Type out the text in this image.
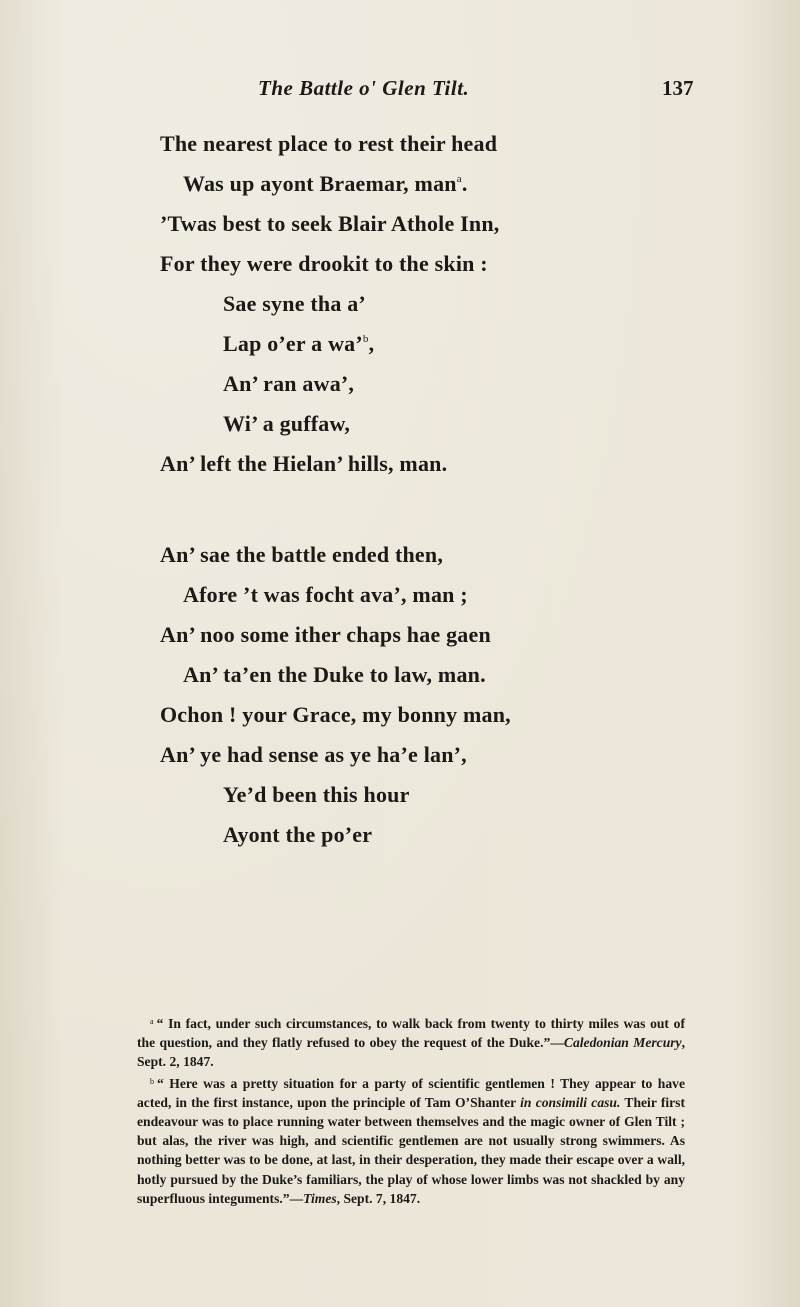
The Battle o' Glen Tilt.	137
The nearest place to rest their head
Was up ayont Braemar, man$^a$.
’Twas best to seek Blair Athole Inn,
For they were drookit to the skin :
Sae syne tha a’
Lap o’er a wa’$^b$,
An’ ran awa’,
Wi’ a guffaw,
An’ left the Hielan’ hills, man.
An’ sae the battle ended then,
Afore ’t was focht ava’, man ;
An’ noo some ither chaps hae gaen
An’ ta’en the Duke to law, man.
Ochon ! your Grace, my bonny man,
An’ ye had sense as ye ha’e lan’,
Ye’d been this hour
Ayont the po’er

$^a$ “ In fact, under such circumstances, to walk back from twenty to thirty miles was out of the question, and they flatly refused to obey the request of the Duke.”—Caledonian Mercury, Sept. 2, 1847.

$^b$ “ Here was a pretty situation for a party of scientific gentlemen ! They appear to have acted, in the first instance, upon the principle of Tam O’Shanter in consimili casu. Their first endeavour was to place running water between themselves and the magic owner of Glen Tilt ; but alas, the river was high, and scientific gentlemen are not usually strong swimmers. As nothing better was to be done, at last, in their desperation, they made their escape over a wall, hotly pursued by the Duke’s familiars, the play of whose lower limbs was not shackled by any superfluous integuments.”—Times, Sept. 7, 1847.
